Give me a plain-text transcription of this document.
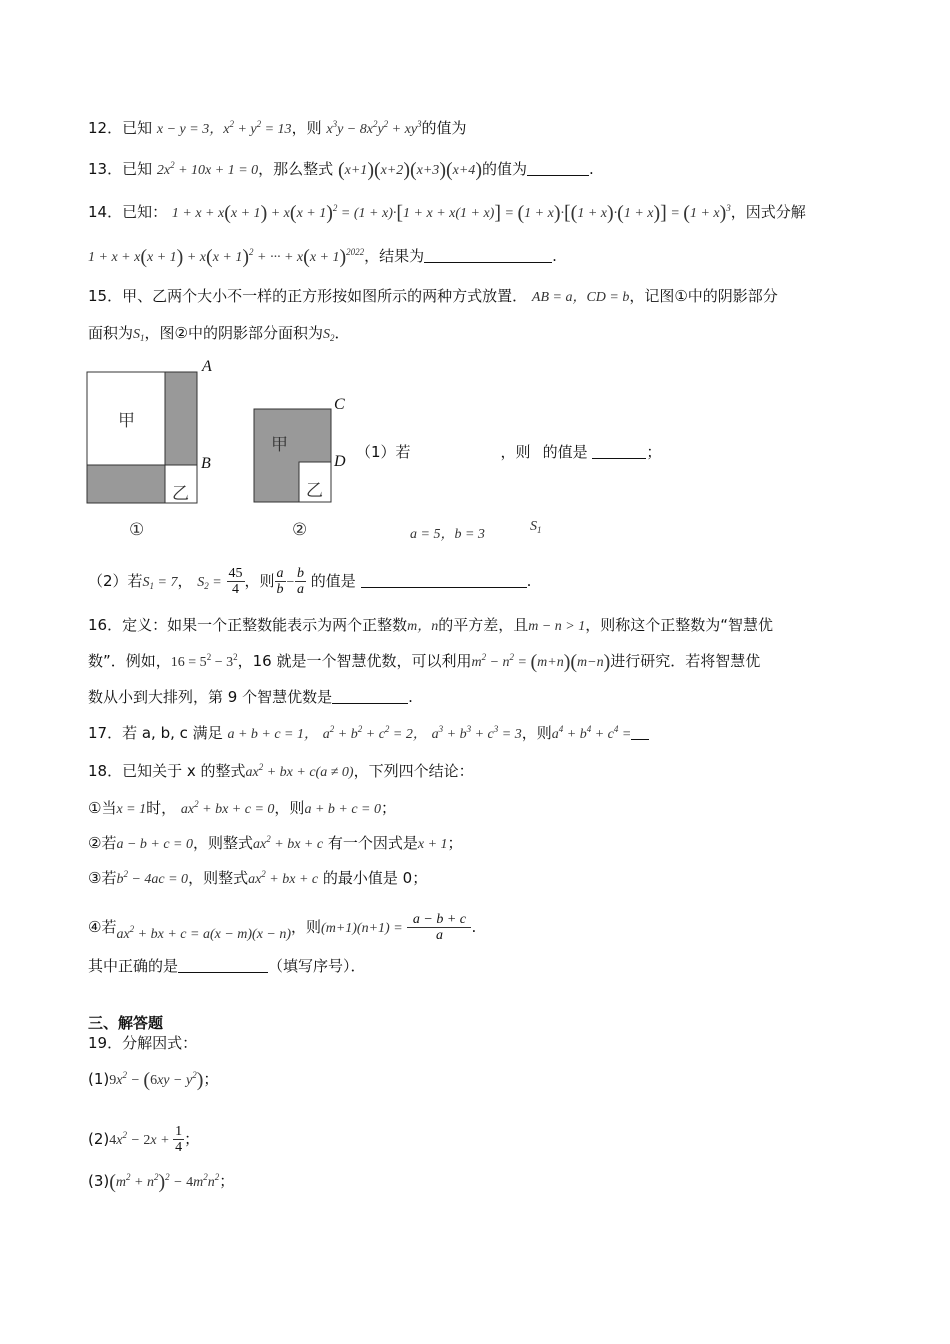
12．已知 x − y = 3，$x^2 + y^2 = 13$，则 $x^3y - 8x^2y^2 + xy^3$的值为
13．已知 $2x^2 + 10x + 1 = 0$，那么整式 (x+1)(x+2)(x+3)(x+4)的值为	.
14．已知： $1 + x + x(x + 1) + x(x + 1)^2 = (1 + x)\cdot[1 + x + x(1 + x)] = (1 + x)\cdot[(1 + x)\cdot(1 + x)] = (1 + x)^3$，因式分解
$1 + x + x(x + 1) + x(x + 1)^2$ + ··· + $x(x + 1)^{2022}$，结果为	.
15．甲、乙两个大小不一样的正方形按如图所示的两种方式放置． AB = a，CD = b，记图①中的阴影部分
面积为$S_1$，图②中的阴影部分面积为$S_2$．
甲
乙
甲
乙
A
B
C
D
①	②
（1）若	，则 的值是	；
a = 5，b = 3
$S_1$
（2）若$S_1 = 7$， $S_2 = \frac{45}{4}$ ，则 $\frac{a}{b} - \frac{b}{a}$ 的值是	.
16．定义：如果一个正整数能表示为两个正整数m，n的平方差，且m − n > 1，则称这个正整数为“智慧优
数”．例如，$16 = 5^2 - 3^2$，16 就是一个智慧优数，可以利用$m^2 - n^2 = (m+n)(m-n)$进行研究．若将智慧优
数从小到大排列，第 9 个智慧优数是	.
17．若 a, b, c 满足 a + b + c = 1， $a^2 + b^2 + c^2 = 2$， $a^3 + b^3 + c^3 = 3$，则$a^4 + b^4 + c^4$ =
18．已知关于 x 的整式$ax^2$ + bx + c(a ≠ 0)，下列四个结论：
①当x = 1时， $ax^2$ + bx + c = 0，则a + b + c = 0；
②若a − b + c = 0，则整式$ax^2$ + bx + c 有一个因式是x + 1；
③若$b^2 - 4ac = 0$，则整式$ax^2$ + bx + c 的最小值是 0；
④若$ax^2$ + bx + c = a(x − m)(x − n)，则$(m+1)(n+1) = \frac{a - b + c}{a}$ .
其中正确的是	（填写序号）．
三、解答题
19．分解因式：
$(1)9x^2 - (6xy - y^2)$；
$(2)4x^2 - 2x + \frac{1}{4}$ ；
$(3)(m^2 + n^2)^2 - 4m^2n^2$；
